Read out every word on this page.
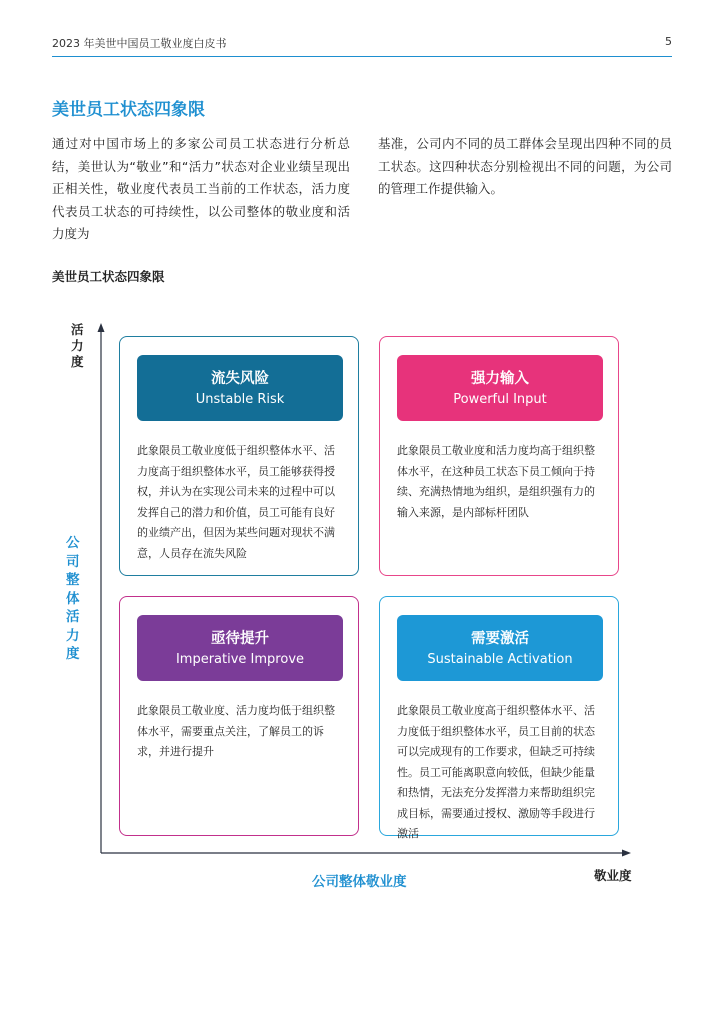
2023 年美世中国员工敬业度白皮书	5
美世员工状态四象限
通过对中国市场上的多家公司员工状态进行分析总结，美世认为“敬业”和“活力”状态对企业业绩呈现出正相关性，敬业度代表员工当前的工作状态，活力度代表员工状态的可持续性，以公司整体的敬业度和活力度为
基准，公司内不同的员工群体会呈现出四种不同的员工状态。这四种状态分别检视出不同的问题，为公司的管理工作提供输入。
美世员工状态四象限
活力度
公司整体活力度
公司整体敬业度	敬业度
流失风险
Unstable Risk
此象限员工敬业度低于组织整体水平、活力度高于组织整体水平，员工能够获得授权，并认为在实现公司未来的过程中可以发挥自己的潜力和价值，员工可能有良好的业绩产出，但因为某些问题对现状不满意，人员存在流失风险
强力输入
Powerful Input
此象限员工敬业度和活力度均高于组织整体水平，在这种员工状态下员工倾向于持续、充满热情地为组织，是组织强有力的输入来源，是内部标杆团队
亟待提升
Imperative Improve
此象限员工敬业度、活力度均低于组织整体水平，需要重点关注，了解员工的诉求，并进行提升
需要激活
Sustainable Activation
此象限员工敬业度高于组织整体水平、活力度低于组织整体水平，员工目前的状态可以完成现有的工作要求，但缺乏可持续性。员工可能离职意向较低，但缺少能量和热情，无法充分发挥潜力来帮助组织完成目标，需要通过授权、激励等手段进行激活
